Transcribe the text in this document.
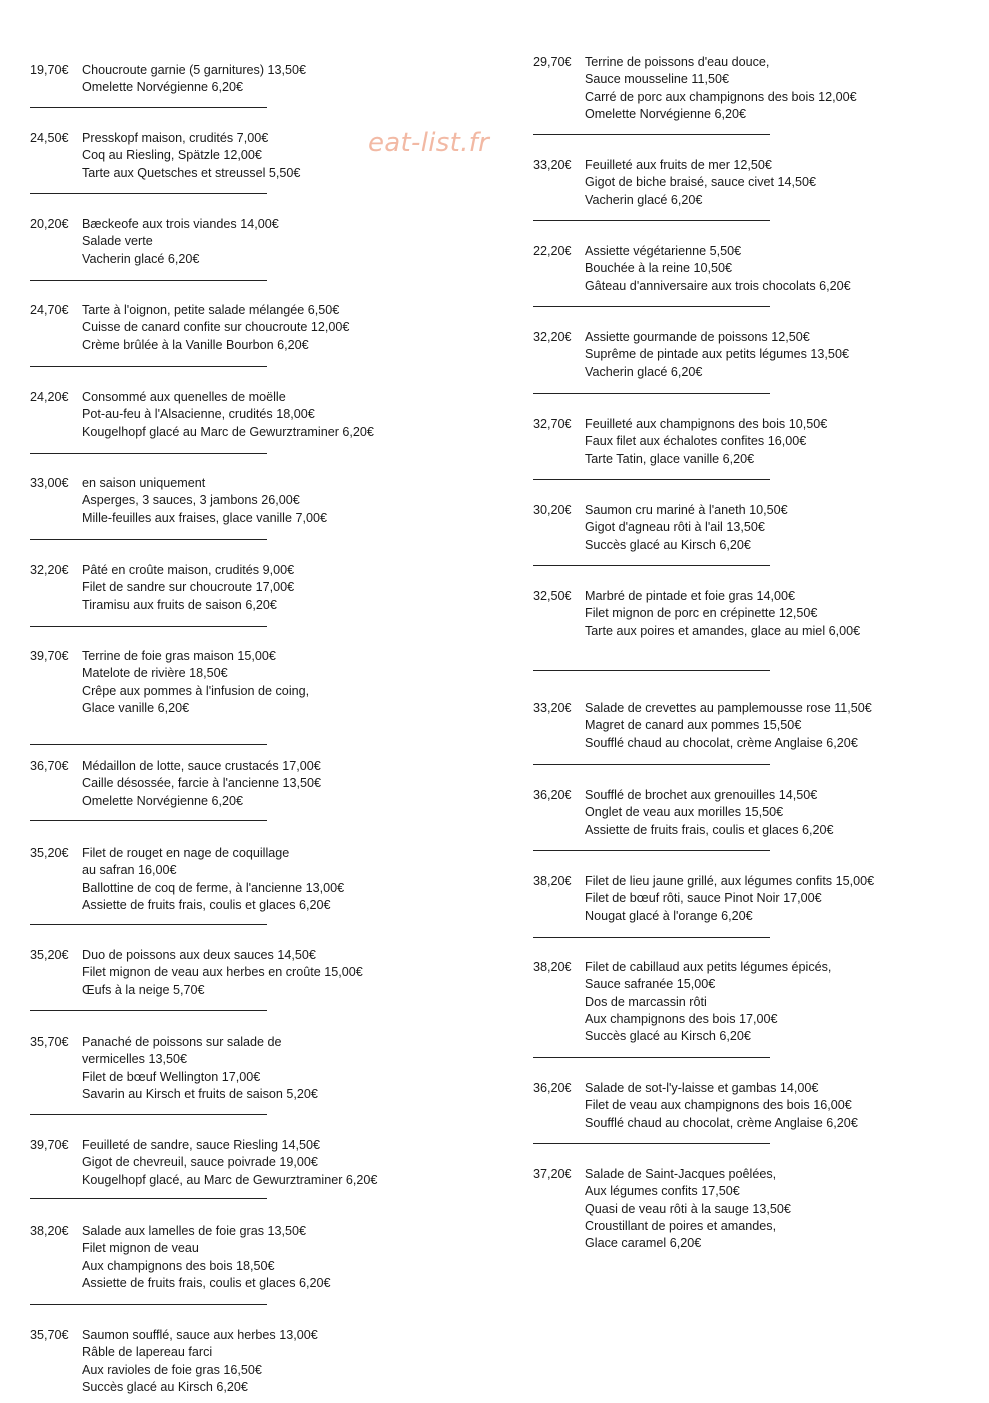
eat-list.fr
19,70€ Choucroute garnie (5 garnitures) 13,50€
Omelette Norvégienne 6,20€
24,50€ Presskopf maison, crudités 7,00€
Coq au Riesling, Spätzle 12,00€
Tarte aux Quetsches et streussel 5,50€
20,20€ Bæckeofe aux trois viandes 14,00€
Salade verte
Vacherin glacé 6,20€
24,70€ Tarte à l'oignon, petite salade mélangée 6,50€
Cuisse de canard confite sur choucroute 12,00€
Crème brûlée à la Vanille Bourbon 6,20€
24,20€ Consommé aux quenelles de moëlle
Pot-au-feu à l'Alsacienne, crudités 18,00€
Kougelhopf glacé au Marc de Gewurztraminer 6,20€
33,00€ en saison uniquement
Asperges, 3 sauces, 3 jambons 26,00€
Mille-feuilles aux fraises, glace vanille 7,00€
32,20€ Pâté en croûte maison, crudités 9,00€
Filet de sandre sur choucroute 17,00€
Tiramisu aux fruits de saison 6,20€
39,70€ Terrine de foie gras maison 15,00€
Matelote de rivière 18,50€
Crêpe aux pommes à l'infusion de coing,
Glace vanille 6,20€
36,70€ Médaillon de lotte, sauce crustacés 17,00€
Caille désossée, farcie à l'ancienne 13,50€
Omelette Norvégienne 6,20€
35,20€ Filet de rouget en nage de coquillage
au safran 16,00€
Ballottine de coq de ferme, à l'ancienne 13,00€
Assiette de fruits frais, coulis et glaces 6,20€
35,20€ Duo de poissons aux deux sauces 14,50€
Filet mignon de veau aux herbes en croûte 15,00€
Œufs à la neige 5,70€
35,70€ Panaché de poissons sur salade de
vermicelles 13,50€
Filet de bœuf Wellington 17,00€
Savarin au Kirsch et fruits de saison 5,20€
39,70€ Feuilleté de sandre, sauce Riesling 14,50€
Gigot de chevreuil, sauce poivrade 19,00€
Kougelhopf glacé, au Marc de Gewurztraminer 6,20€
38,20€ Salade aux lamelles de foie gras 13,50€
Filet mignon de veau
Aux champignons des bois 18,50€
Assiette de fruits frais, coulis et glaces 6,20€
35,70€ Saumon soufflé, sauce aux herbes 13,00€
Râble de lapereau farci
Aux ravioles de foie gras 16,50€
Succès glacé au Kirsch 6,20€
29,70€ Terrine de poissons d'eau douce,
Sauce mousseline 11,50€
Carré de porc aux champignons des bois 12,00€
Omelette Norvégienne 6,20€
33,20€ Feuilleté aux fruits de mer 12,50€
Gigot de biche braisé, sauce civet 14,50€
Vacherin glacé 6,20€
22,20€ Assiette végétarienne 5,50€
Bouchée à la reine 10,50€
Gâteau d'anniversaire aux trois chocolats 6,20€
32,20€ Assiette gourmande de poissons 12,50€
Suprême de pintade aux petits légumes 13,50€
Vacherin glacé 6,20€
32,70€ Feuilleté aux champignons des bois 10,50€
Faux filet aux échalotes confites 16,00€
Tarte Tatin, glace vanille 6,20€
30,20€ Saumon cru mariné à l'aneth 10,50€
Gigot d'agneau rôti à l'ail 13,50€
Succès glacé au Kirsch 6,20€
32,50€ Marbré de pintade et foie gras 14,00€
Filet mignon de porc en crépinette 12,50€
Tarte aux poires et amandes, glace au miel 6,00€
33,20€ Salade de crevettes au pamplemousse rose 11,50€
Magret de canard aux pommes 15,50€
Soufflé chaud au chocolat, crème Anglaise 6,20€
36,20€ Soufflé de brochet aux grenouilles 14,50€
Onglet de veau aux morilles 15,50€
Assiette de fruits frais, coulis et glaces 6,20€
38,20€ Filet de lieu jaune grillé, aux légumes confits 15,00€
Filet de bœuf rôti, sauce Pinot Noir 17,00€
Nougat glacé à l'orange 6,20€
38,20€ Filet de cabillaud aux petits légumes épicés,
Sauce safranée 15,00€
Dos de marcassin rôti
Aux champignons des bois 17,00€
Succès glacé au Kirsch 6,20€
36,20€ Salade de sot-l'y-laisse et gambas 14,00€
Filet de veau aux champignons des bois 16,00€
Soufflé chaud au chocolat, crème Anglaise 6,20€
37,20€ Salade de Saint-Jacques poêlées,
Aux légumes confits 17,50€
Quasi de veau rôti à la sauge 13,50€
Croustillant de poires et amandes,
Glace caramel 6,20€
